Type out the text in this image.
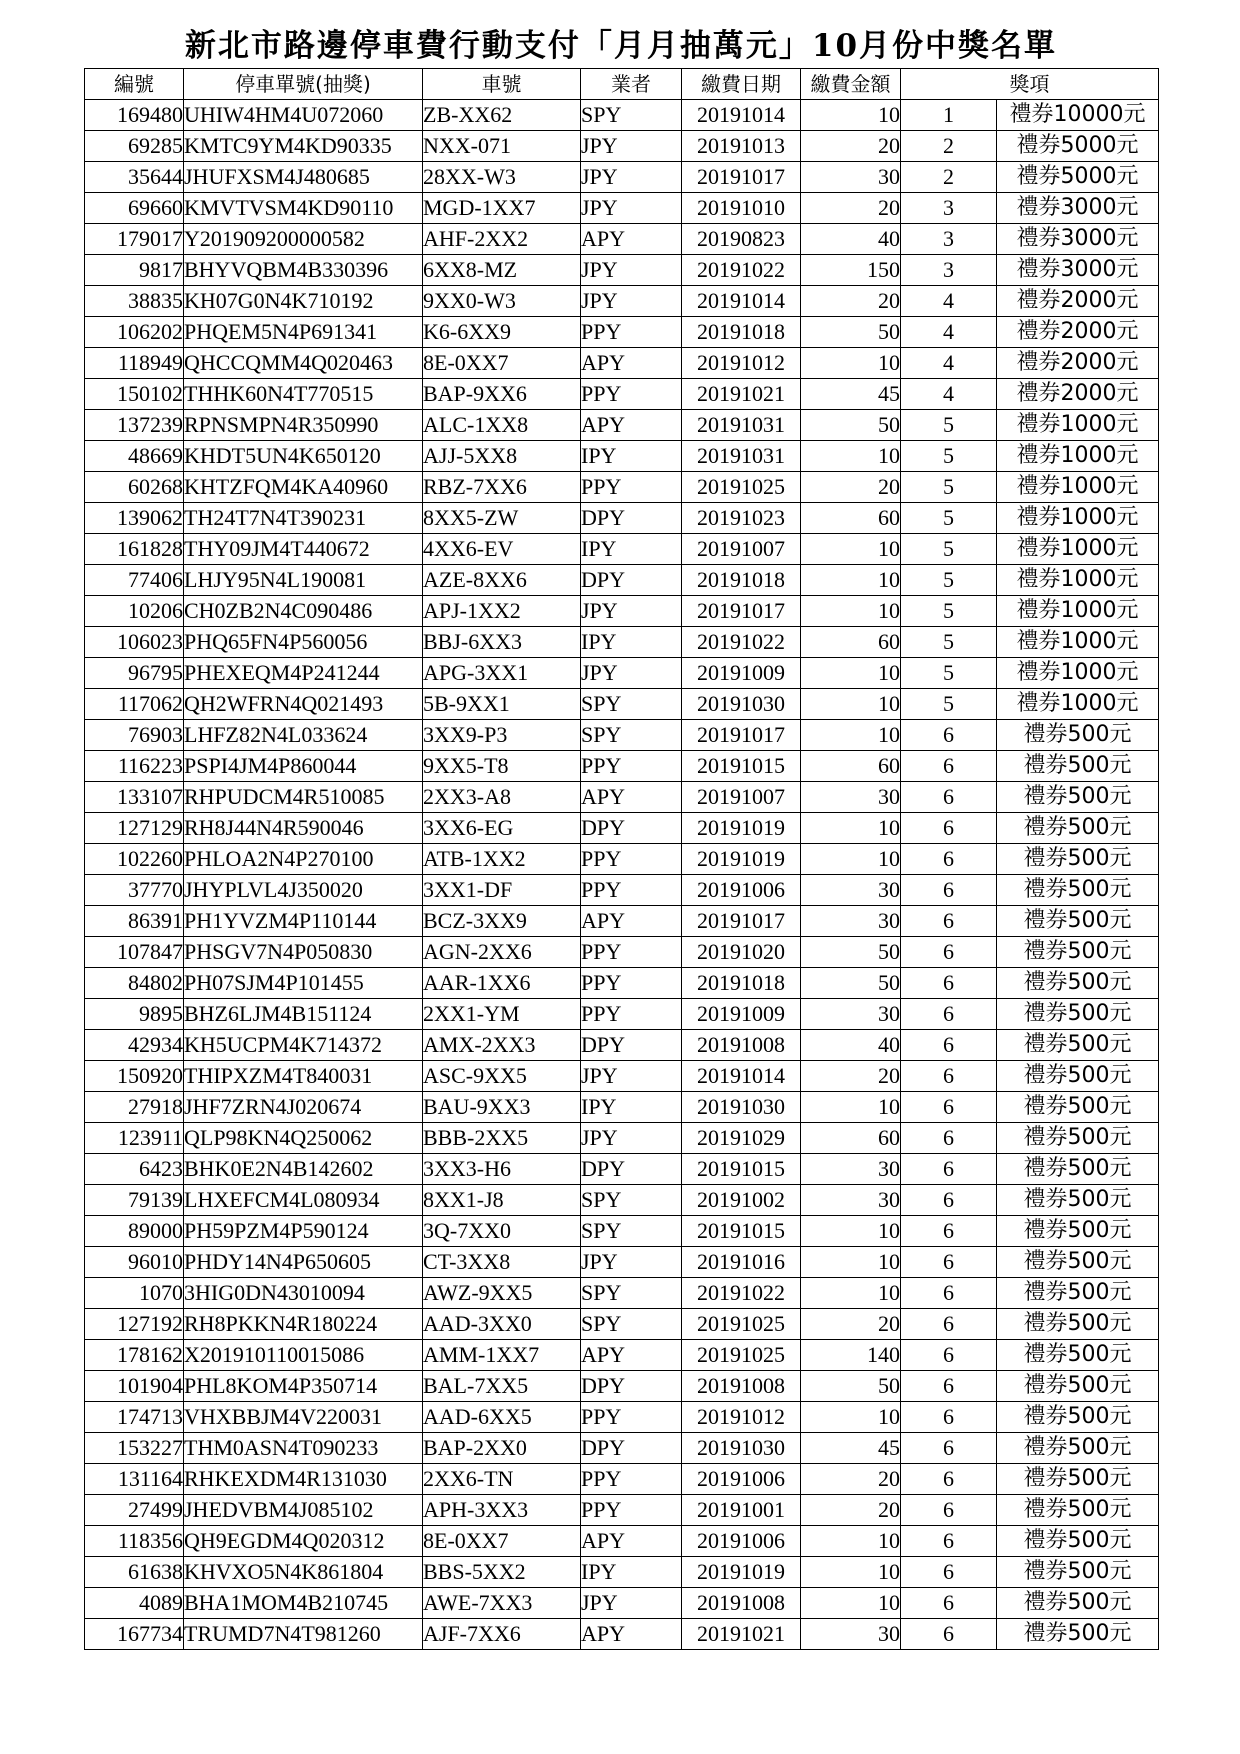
新北市路邊停車費行動支付「月月抽萬元」10月份中獎名單
編號	停車單號(抽獎)	車號	業者	繳費日期	繳費金額	獎項	
169480	UHIW4HM4U072060	ZB-XX62	SPY	20191014	10	1	禮券10000元
69285	KMTC9YM4KD90335	NXX-071	JPY	20191013	20	2	禮券5000元
35644	JHUFXSM4J480685	28XX-W3	JPY	20191017	30	2	禮券5000元
69660	KMVTVSM4KD90110	MGD-1XX7	JPY	20191010	20	3	禮券3000元
179017	Y201909200000582	AHF-2XX2	APY	20190823	40	3	禮券3000元
9817	BHYVQBM4B330396	6XX8-MZ	JPY	20191022	150	3	禮券3000元
38835	KH07G0N4K710192	9XX0-W3	JPY	20191014	20	4	禮券2000元
106202	PHQEM5N4P691341	K6-6XX9	PPY	20191018	50	4	禮券2000元
118949	QHCCQMM4Q020463	8E-0XX7	APY	20191012	10	4	禮券2000元
150102	THHK60N4T770515	BAP-9XX6	PPY	20191021	45	4	禮券2000元
137239	RPNSMPN4R350990	ALC-1XX8	APY	20191031	50	5	禮券1000元
48669	KHDT5UN4K650120	AJJ-5XX8	IPY	20191031	10	5	禮券1000元
60268	KHTZFQM4KA40960	RBZ-7XX6	PPY	20191025	20	5	禮券1000元
139062	TH24T7N4T390231	8XX5-ZW	DPY	20191023	60	5	禮券1000元
161828	THY09JM4T440672	4XX6-EV	IPY	20191007	10	5	禮券1000元
77406	LHJY95N4L190081	AZE-8XX6	DPY	20191018	10	5	禮券1000元
10206	CH0ZB2N4C090486	APJ-1XX2	JPY	20191017	10	5	禮券1000元
106023	PHQ65FN4P560056	BBJ-6XX3	IPY	20191022	60	5	禮券1000元
96795	PHEXEQM4P241244	APG-3XX1	JPY	20191009	10	5	禮券1000元
117062	QH2WFRN4Q021493	5B-9XX1	SPY	20191030	10	5	禮券1000元
76903	LHFZ82N4L033624	3XX9-P3	SPY	20191017	10	6	禮券500元
116223	PSPI4JM4P860044	9XX5-T8	PPY	20191015	60	6	禮券500元
133107	RHPUDCM4R510085	2XX3-A8	APY	20191007	30	6	禮券500元
127129	RH8J44N4R590046	3XX6-EG	DPY	20191019	10	6	禮券500元
102260	PHLOA2N4P270100	ATB-1XX2	PPY	20191019	10	6	禮券500元
37770	JHYPLVL4J350020	3XX1-DF	PPY	20191006	30	6	禮券500元
86391	PH1YVZM4P110144	BCZ-3XX9	APY	20191017	30	6	禮券500元
107847	PHSGV7N4P050830	AGN-2XX6	PPY	20191020	50	6	禮券500元
84802	PH07SJM4P101455	AAR-1XX6	PPY	20191018	50	6	禮券500元
9895	BHZ6LJM4B151124	2XX1-YM	PPY	20191009	30	6	禮券500元
42934	KH5UCPM4K714372	AMX-2XX3	DPY	20191008	40	6	禮券500元
150920	THIPXZM4T840031	ASC-9XX5	JPY	20191014	20	6	禮券500元
27918	JHF7ZRN4J020674	BAU-9XX3	IPY	20191030	10	6	禮券500元
123911	QLP98KN4Q250062	BBB-2XX5	JPY	20191029	60	6	禮券500元
6423	BHK0E2N4B142602	3XX3-H6	DPY	20191015	30	6	禮券500元
79139	LHXEFCM4L080934	8XX1-J8	SPY	20191002	30	6	禮券500元
89000	PH59PZM4P590124	3Q-7XX0	SPY	20191015	10	6	禮券500元
96010	PHDY14N4P650605	CT-3XX8	JPY	20191016	10	6	禮券500元
1070	3HIG0DN43010094	AWZ-9XX5	SPY	20191022	10	6	禮券500元
127192	RH8PKKN4R180224	AAD-3XX0	SPY	20191025	20	6	禮券500元
178162	X201910110015086	AMM-1XX7	APY	20191025	140	6	禮券500元
101904	PHL8KOM4P350714	BAL-7XX5	DPY	20191008	50	6	禮券500元
174713	VHXBBJM4V220031	AAD-6XX5	PPY	20191012	10	6	禮券500元
153227	THM0ASN4T090233	BAP-2XX0	DPY	20191030	45	6	禮券500元
131164	RHKEXDM4R131030	2XX6-TN	PPY	20191006	20	6	禮券500元
27499	JHEDVBM4J085102	APH-3XX3	PPY	20191001	20	6	禮券500元
118356	QH9EGDM4Q020312	8E-0XX7	APY	20191006	10	6	禮券500元
61638	KHVXO5N4K861804	BBS-5XX2	IPY	20191019	10	6	禮券500元
4089	BHA1MOM4B210745	AWE-7XX3	JPY	20191008	10	6	禮券500元
167734	TRUMD7N4T981260	AJF-7XX6	APY	20191021	30	6	禮券500元
